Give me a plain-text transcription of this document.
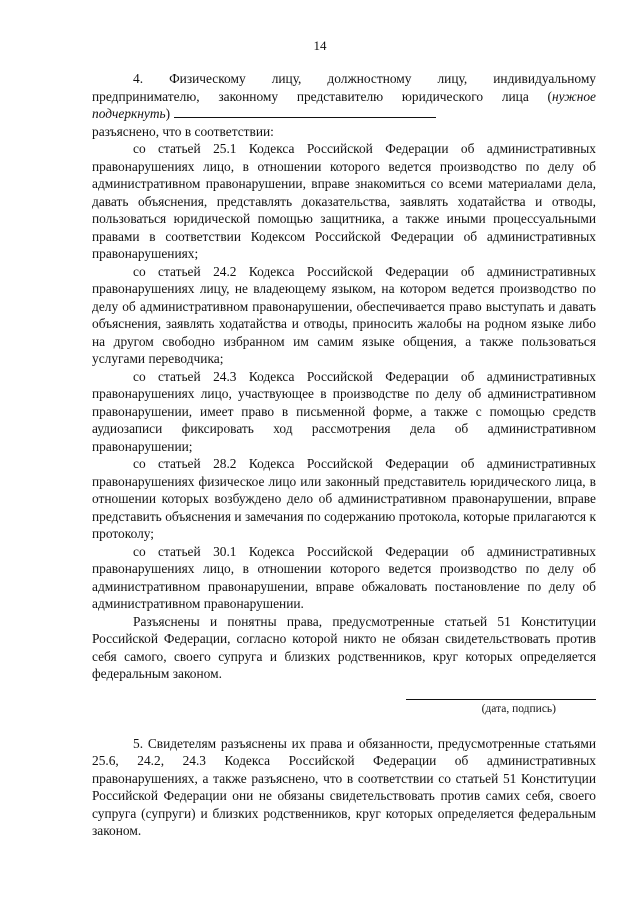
14

4. Физическому лицу, должностному лицу, индивидуальному

предпринимателю, законному представителю юридического лица (нужное

подчеркнуть)

разъяснено, что в соответствии:

со статьей 25.1 Кодекса Российской Федерации об административных правонарушениях лицо, в отношении которого ведется производство по делу об административном правонарушении, вправе знакомиться со всеми материалами дела, давать объяснения, представлять доказательства, заявлять ходатайства и отводы, пользоваться юридической помощью защитника, а также иными процессуальными правами в соответствии Кодексом Российской Федерации об административных правонарушениях;

со статьей 24.2 Кодекса Российской Федерации об административных правонарушениях лицу, не владеющему языком, на котором ведется производство по делу об административном правонарушении, обеспечивается право выступать и давать объяснения, заявлять ходатайства и отводы, приносить жалобы на родном языке либо на другом свободно избранном им самим языке общения, а также пользоваться услугами переводчика;

со статьей 24.3 Кодекса Российской Федерации об административных правонарушениях лицо, участвующее в производстве по делу об административном правонарушении, имеет право в письменной форме, а также с помощью средств аудиозаписи фиксировать ход рассмотрения дела об административном правонарушении;

со статьей 28.2 Кодекса Российской Федерации об административных правонарушениях физическое лицо или законный представитель юридического лица, в отношении которых возбуждено дело об административном правонарушении, вправе представить объяснения и замечания по содержанию протокола, которые прилагаются к протоколу;

со статьей 30.1 Кодекса Российской Федерации об административных правонарушениях лицо, в отношении которого ведется производство по делу об административном правонарушении, вправе обжаловать постановление по делу об административном правонарушении.

Разъяснены и понятны права, предусмотренные статьей 51 Конституции Российской Федерации, согласно которой никто не обязан свидетельствовать против себя самого, своего супруга и близких родственников, круг которых определяется федеральным законом.

(дата, подпись)

5. Свидетелям разъяснены их права и обязанности, предусмотренные статьями 25.6, 24.2, 24.3 Кодекса Российской Федерации об административных правонарушениях, а также разъяснено, что в соответствии со статьей 51 Конституции Российской Федерации они не обязаны свидетельствовать против самих себя, своего супруга (супруги) и близких родственников, круг которых определяется федеральным законом.
